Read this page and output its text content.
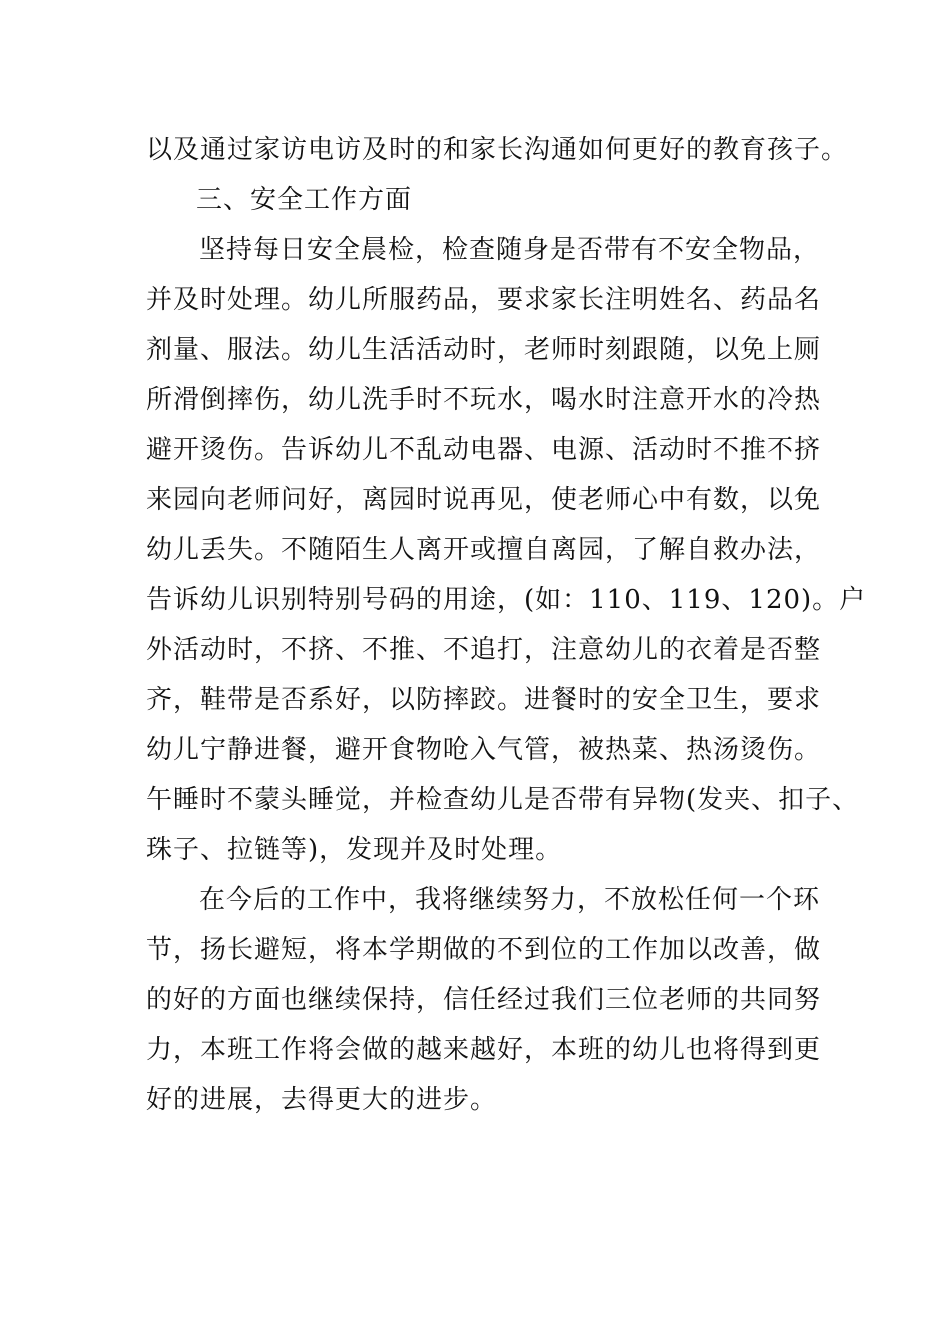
以及通过家访电访及时的和家长沟通如何更好的教育孩子。
三、安全工作方面
坚持每日安全晨检，检查随身是否带有不安全物品，
并及时处理。幼儿所服药品，要求家长注明姓名、药品名
剂量、服法。幼儿生活活动时，老师时刻跟随，以免上厕
所滑倒摔伤，幼儿洗手时不玩水，喝水时注意开水的冷热
避开烫伤。告诉幼儿不乱动电器、电源、活动时不推不挤
来园向老师问好，离园时说再见，使老师心中有数，以免
幼儿丢失。不随陌生人离开或擅自离园，了解自救办法，
告诉幼儿识别特别号码的用途，(如：110、119、120)。户
外活动时，不挤、不推、不追打，注意幼儿的衣着是否整
齐，鞋带是否系好，以防摔跤。进餐时的安全卫生，要求
幼儿宁静进餐，避开食物呛入气管，被热菜、热汤烫伤。
午睡时不蒙头睡觉，并检查幼儿是否带有异物(发夹、扣子、
珠子、拉链等)，发现并及时处理。
在今后的工作中，我将继续努力，不放松任何一个环
节，扬长避短，将本学期做的不到位的工作加以改善，做
的好的方面也继续保持，信任经过我们三位老师的共同努
力，本班工作将会做的越来越好，本班的幼儿也将得到更
好的进展，去得更大的进步。
